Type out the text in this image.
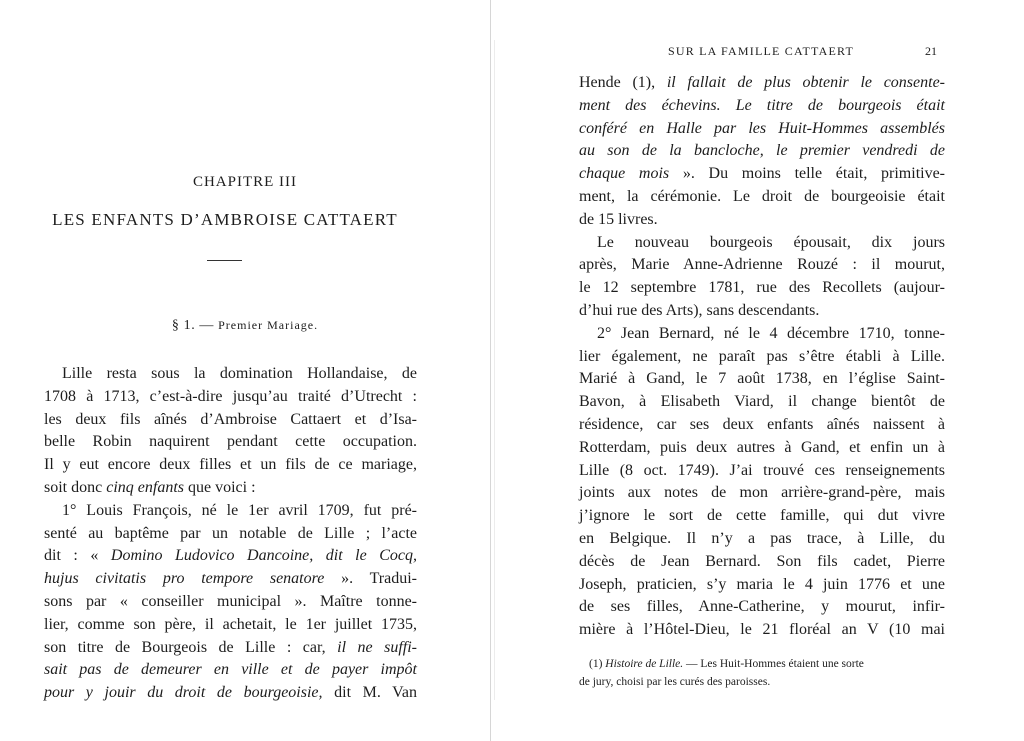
CHAPITRE III
LES ENFANTS D’AMBROISE CATTAERT
§ 1. — Premier Mariage.
Lille resta sous la domination Hollandaise, de
1708 à 1713, c’est-à-dire jusqu’au traité d’Utrecht :
les deux fils aînés d’Ambroise Cattaert et d’Isa-
belle Robin naquirent pendant cette occupation.
Il y eut encore deux filles et un fils de ce mariage,
soit donc cinq enfants que voici :
1° Louis François, né le 1er avril 1709, fut pré-
senté au baptême par un notable de Lille ; l’acte
dit : « Domino Ludovico Dancoine, dit le Cocq,
hujus civitatis pro tempore senatore ». Tradui-
sons par « conseiller municipal ». Maître tonne-
lier, comme son père, il achetait, le 1er juillet 1735,
son titre de Bourgeois de Lille : car, il ne suffi-
sait pas de demeurer en ville et de payer impôt
pour y jouir du droit de bourgeoisie, dit M. Van
SUR LA FAMILLE CATTAERT	21
Hende (1), il fallait de plus obtenir le consente-
ment des échevins. Le titre de bourgeois était
conféré en Halle par les Huit-Hommes assemblés
au son de la bancloche, le premier vendredi de
chaque mois ». Du moins telle était, primitive-
ment, la cérémonie. Le droit de bourgeoisie était
de 15 livres.
Le nouveau bourgeois épousait, dix jours
après, Marie Anne-Adrienne Rouzé : il mourut,
le 12 septembre 1781, rue des Recollets (aujour-
d’hui rue des Arts), sans descendants.
2° Jean Bernard, né le 4 décembre 1710, tonne-
lier également, ne paraît pas s’être établi à Lille.
Marié à Gand, le 7 août 1738, en l’église Saint-
Bavon, à Elisabeth Viard, il change bientôt de
résidence, car ses deux enfants aînés naissent à
Rotterdam, puis deux autres à Gand, et enfin un à
Lille (8 oct. 1749). J’ai trouvé ces renseignements
joints aux notes de mon arrière-grand-père, mais
j’ignore le sort de cette famille, qui dut vivre
en Belgique. Il n’y a pas trace, à Lille, du
décès de Jean Bernard. Son fils cadet, Pierre
Joseph, praticien, s’y maria le 4 juin 1776 et une
de ses filles, Anne-Catherine, y mourut, infir-
mière à l’Hôtel-Dieu, le 21 floréal an V (10 mai
(1) Histoire de Lille. — Les Huit-Hommes étaient une sorte
de jury, choisi par les curés des paroisses.
